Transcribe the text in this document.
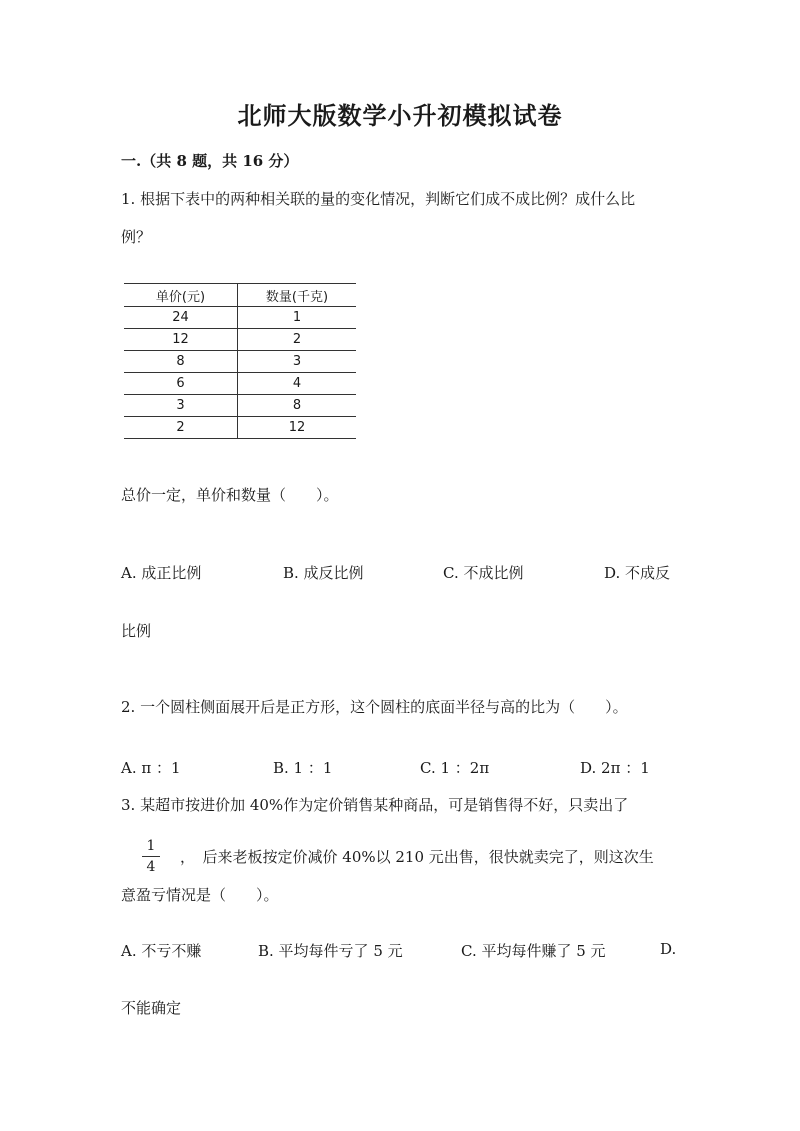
北师大版数学小升初模拟试卷
一.（共 8 题，共 16 分）
1. 根据下表中的两种相关联的量的变化情况，判断它们成不成比例？成什么比
例？
单价(元)	数量(千克)
24	1
12	2
8	3
6	4
3	8
2	12
总价一定，单价和数量（　　）。
A. 成正比例	B. 成反比例	C. 不成比例	D. 不成反
比例
2. 一个圆柱侧面展开后是正方形，这个圆柱的底面半径与高的比为（　　）。
A. π ：1	B. 1 ：1	C. 1 ：2π	D. 2π ：1
3. 某超市按进价加 40%作为定价销售某种商品，可是销售得不好，只卖出了
1
4
，　后来老板按定价减价 40%以 210 元出售，很快就卖完了，则这次生
意盈亏情况是（　　）。
A. 不亏不赚	B. 平均每件亏了 5 元	C. 平均每件赚了 5 元	D.
不能确定
